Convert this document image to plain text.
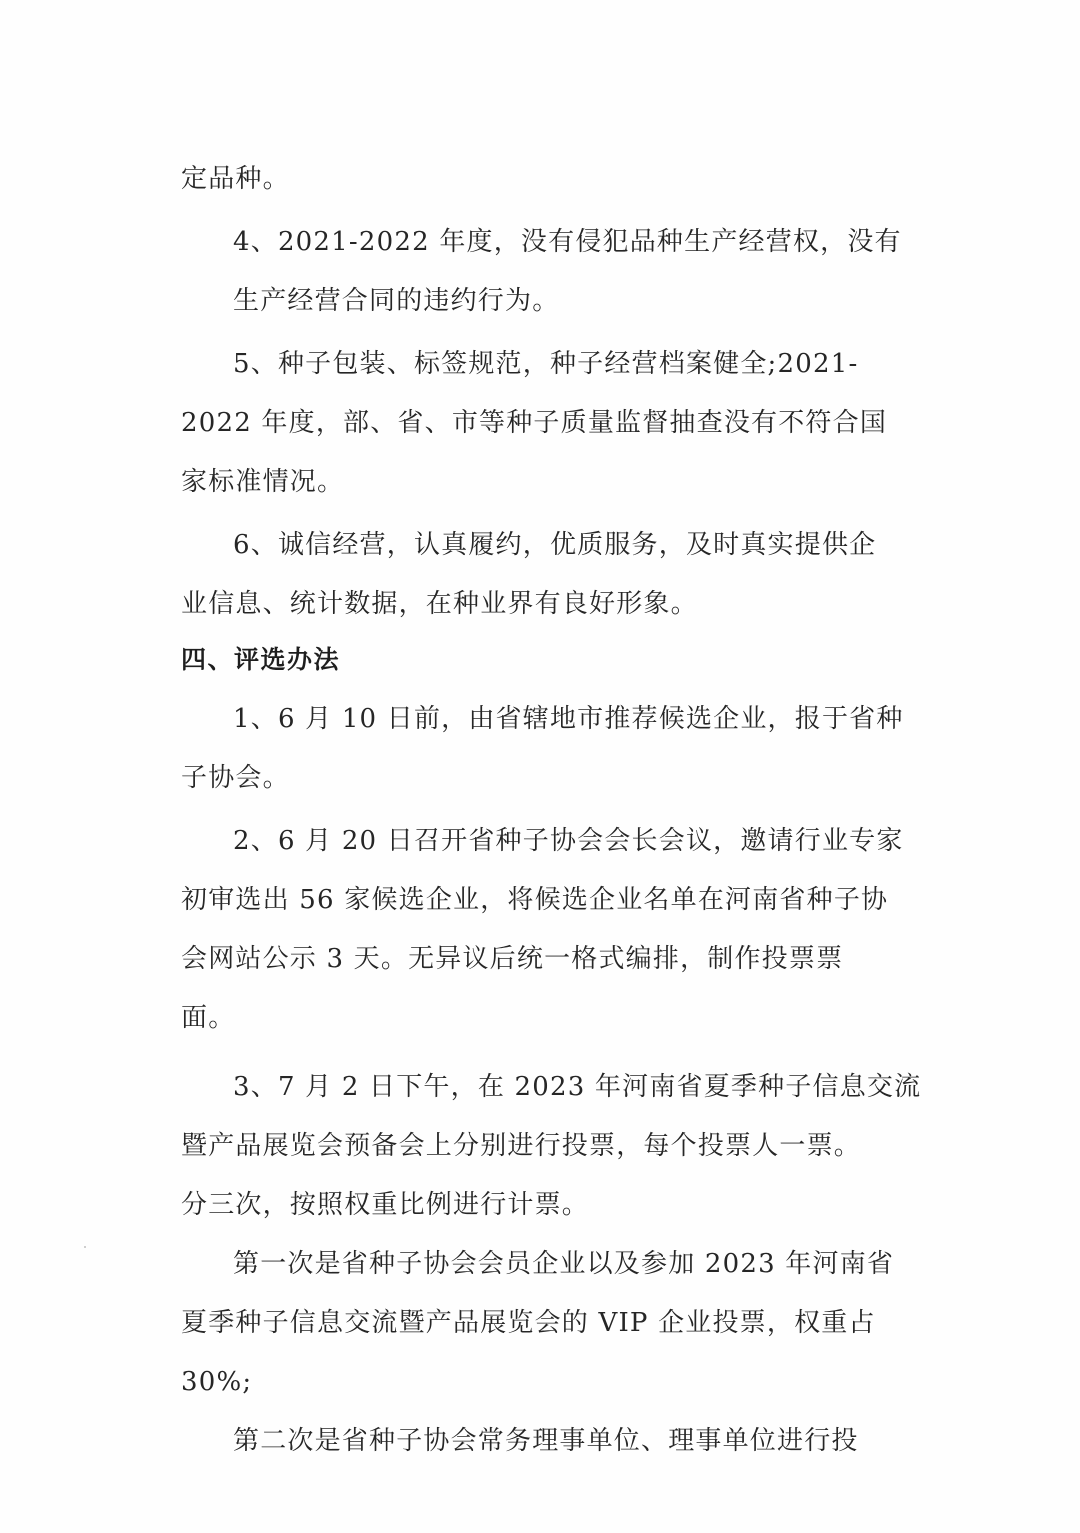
定品种。

4、2021-2022 年度，没有侵犯品种生产经营权，没有
生产经营合同的违约行为。

5、种子包装、标签规范，种子经营档案健全;2021-
2022 年度，部、省、市等种子质量监督抽查没有不符合国
家标准情况。

6、诚信经营，认真履约，优质服务，及时真实提供企
业信息、统计数据，在种业界有良好形象。

四、评选办法

1、6 月 10 日前，由省辖地市推荐候选企业，报于省种
子协会。

2、6 月 20 日召开省种子协会会长会议，邀请行业专家
初审选出 56 家候选企业，将候选企业名单在河南省种子协
会网站公示 3 天。无异议后统一格式编排，制作投票票
面。

3、7 月 2 日下午，在 2023 年河南省夏季种子信息交流
暨产品展览会预备会上分别进行投票，每个投票人一票。
分三次，按照权重比例进行计票。

第一次是省种子协会会员企业以及参加 2023 年河南省
夏季种子信息交流暨产品展览会的 VIP 企业投票，权重占
30%;

第二次是省种子协会常务理事单位、理事单位进行投
